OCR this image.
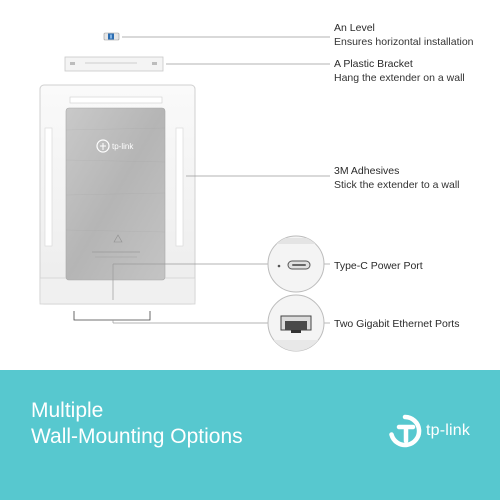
tp-link
An Level
Ensures horizontal installation
A Plastic Bracket
Hang the extender on a wall
3M Adhesives
Stick the extender to a wall
Type-C Power Port
Two Gigabit Ethernet Ports
Multiple
Wall-Mounting Options	tp-link
